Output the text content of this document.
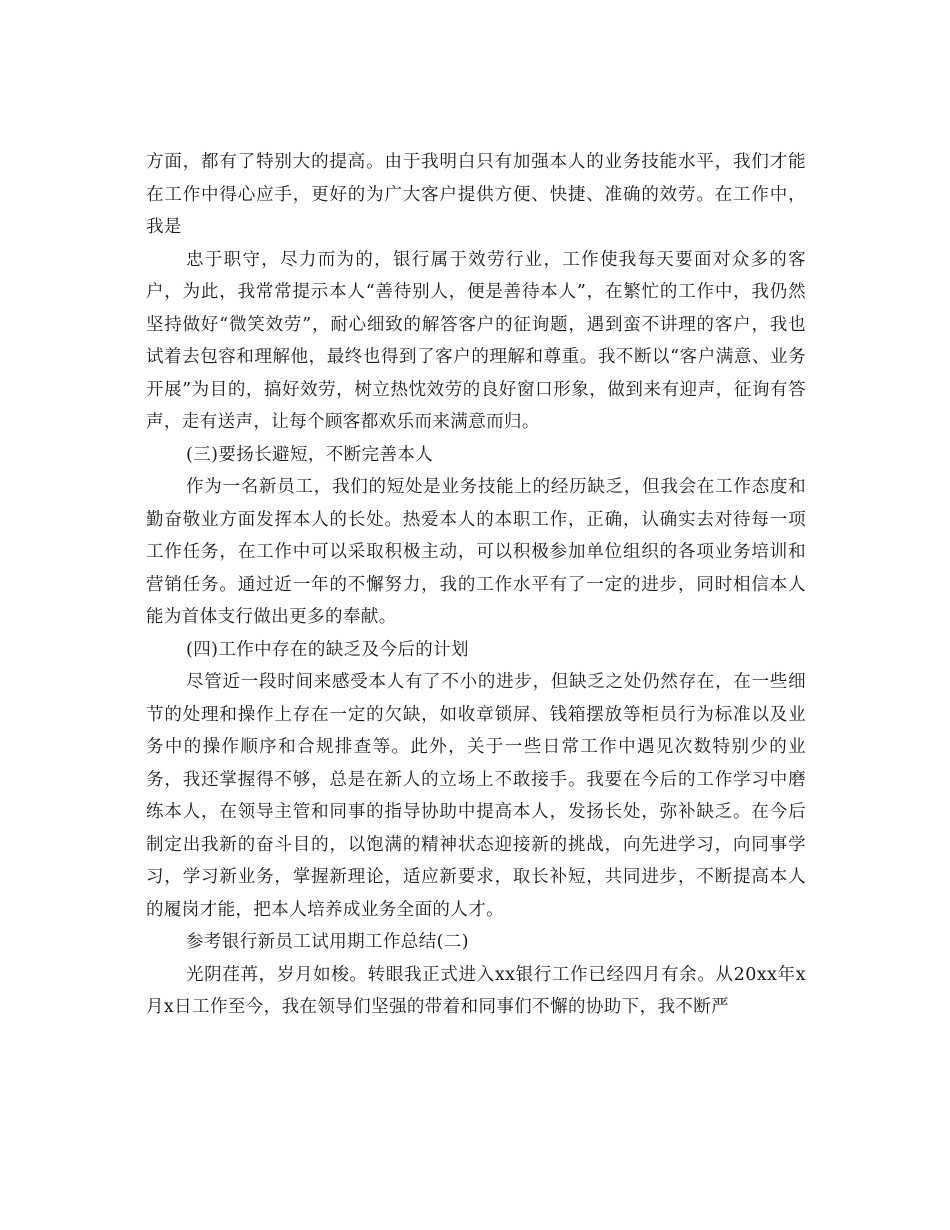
方面，都有了特别大的提高。由于我明白只有加强本人的业务技能水平，我们才能在工作中得心应手，更好的为广大客户提供方便、快捷、准确的效劳。在工作中，我是

忠于职守，尽力而为的，银行属于效劳行业，工作使我每天要面对众多的客户，为此，我常常提示本人“善待别人，便是善待本人”，在繁忙的工作中，我仍然坚持做好“微笑效劳”，耐心细致的解答客户的征询题，遇到蛮不讲理的客户，我也试着去包容和理解他，最终也得到了客户的理解和尊重。我不断以“客户满意、业务开展”为目的，搞好效劳，树立热忱效劳的良好窗口形象，做到来有迎声，征询有答声，走有送声，让每个顾客都欢乐而来满意而归。

(三)要扬长避短，不断完善本人

作为一名新员工，我们的短处是业务技能上的经历缺乏，但我会在工作态度和勤奋敬业方面发挥本人的长处。热爱本人的本职工作，正确，认确实去对待每一项工作任务，在工作中可以采取积极主动，可以积极参加单位组织的各项业务培训和营销任务。通过近一年的不懈努力，我的工作水平有了一定的进步，同时相信本人能为首体支行做出更多的奉献。

(四)工作中存在的缺乏及今后的计划

尽管近一段时间来感受本人有了不小的进步，但缺乏之处仍然存在，在一些细节的处理和操作上存在一定的欠缺，如收章锁屏、钱箱摆放等柜员行为标准以及业务中的操作顺序和合规排查等。此外，关于一些日常工作中遇见次数特别少的业务，我还掌握得不够，总是在新人的立场上不敢接手。我要在今后的工作学习中磨练本人，在领导主管和同事的指导协助中提高本人，发扬长处，弥补缺乏。在今后制定出我新的奋斗目的，以饱满的精神状态迎接新的挑战，向先进学习，向同事学习，学习新业务，掌握新理论，适应新要求，取长补短，共同进步，不断提高本人的履岗才能，把本人培养成业务全面的人才。

参考银行新员工试用期工作总结(二)

光阴荏苒，岁月如梭。转眼我正式进入xx银行工作已经四月有余。从20xx年x月x日工作至今，我在领导们坚强的带着和同事们不懈的协助下，我不断严
